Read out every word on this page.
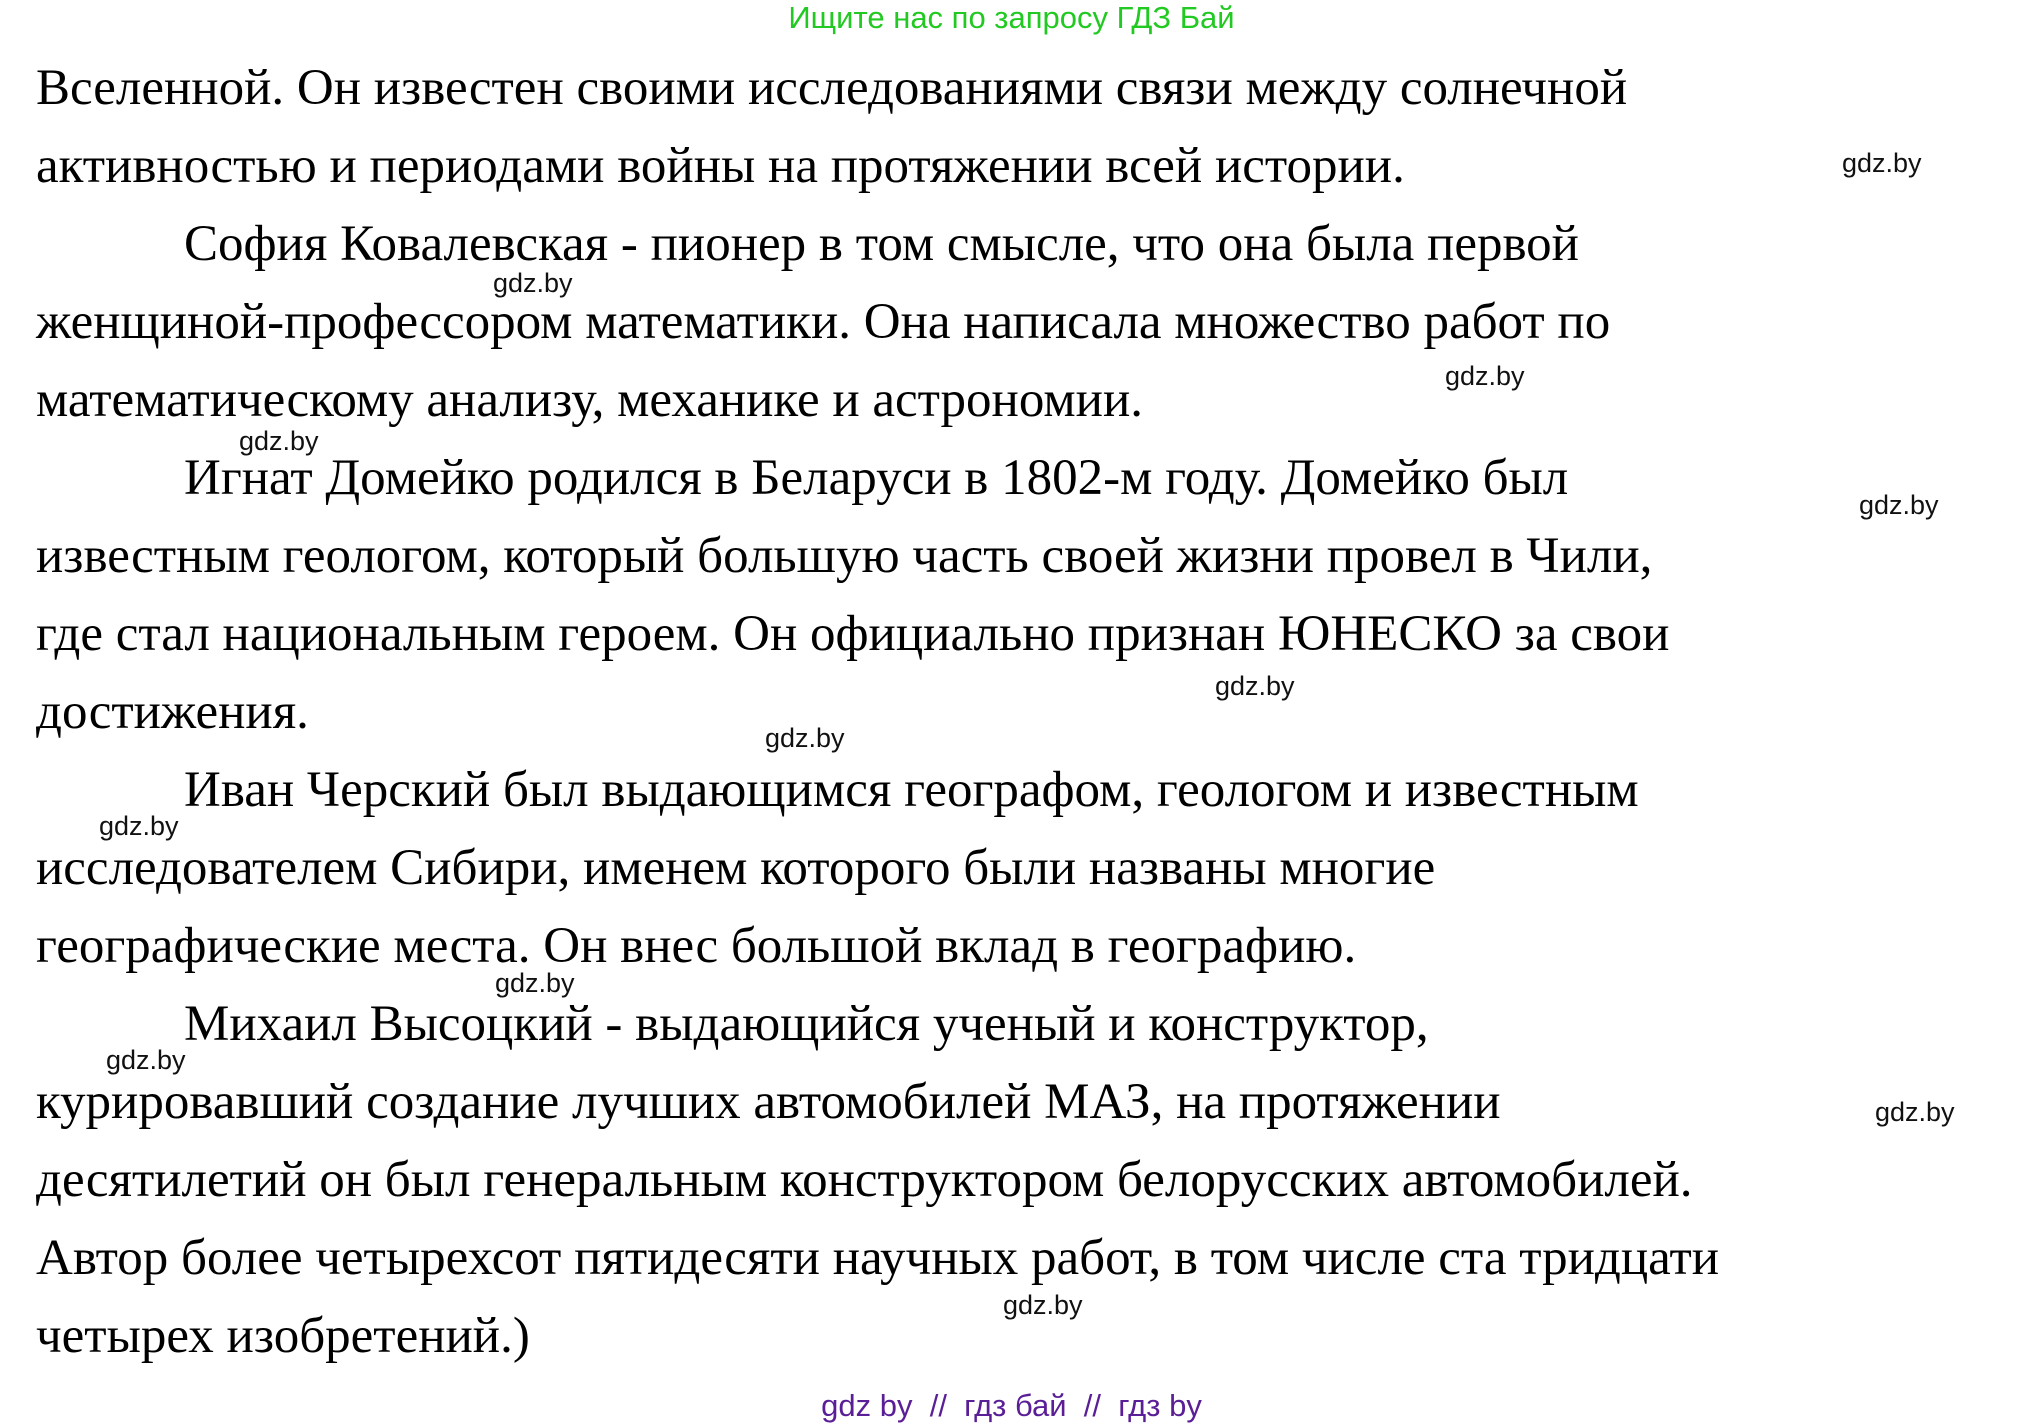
Ищите нас по запросу ГДЗ Бай
Вселенной. Он известен своими исследованиями связи между солнечной
активностью и периодами войны на протяжении всей истории.
София Ковалевская - пионер в том смысле, что она была первой
женщиной-профессором математики. Она написала множество работ по
математическому анализу, механике и астрономии.
Игнат Домейко родился в Беларуси в 1802-м году. Домейко был
известным геологом, который большую часть своей жизни провел в Чили,
где стал национальным героем. Он официально признан ЮНЕСКО за свои
достижения.
Иван Черский был выдающимся географом, геологом и известным
исследователем Сибири, именем которого были названы многие
географические места. Он внес большой вклад в географию.
Михаил Высоцкий - выдающийся ученый и конструктор,
курировавший создание лучших автомобилей МАЗ, на протяжении
десятилетий он был генеральным конструктором белорусских автомобилей.
Автор более четырехсот пятидесяти научных работ, в том числе ста тридцати
четырех изобретений.)
gdz.by
gdz.by
gdz.by
gdz.by
gdz.by
gdz.by
gdz.by
gdz.by
gdz.by
gdz.by
gdz.by
gdz.by
gdz by  //  гдз бай  //  гдз by
